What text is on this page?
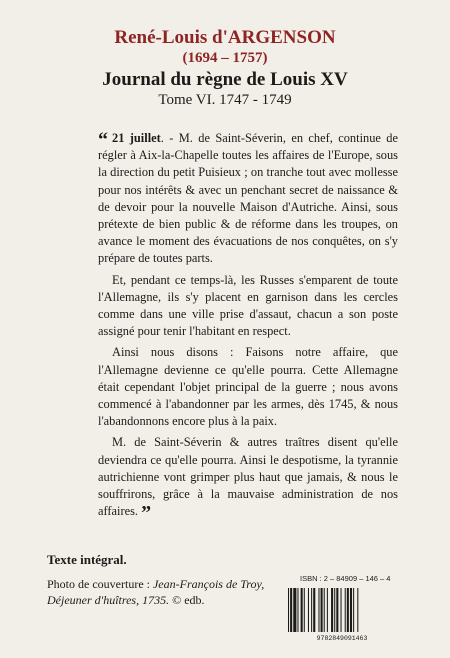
René-Louis d'ARGENSON
(1694 – 1757)
Journal du règne de Louis XV
Tome VI. 1747 - 1749

“ 21 juillet. - M. de Saint-Séverin, en chef, continue de régler à Aix-la-Chapelle toutes les affaires de l'Europe, sous la direction du petit Puisieux ; on tranche tout avec mollesse pour nos intérêts & avec un penchant secret de naissance & de devoir pour la nouvelle Maison d'Autriche. Ainsi, sous prétexte de bien public & de réforme dans les troupes, on avance le moment des évacuations de nos conquêtes, on s'y prépare de toutes parts.

Et, pendant ce temps-là, les Russes s'emparent de toute l'Allemagne, ils s'y placent en garnison dans les cercles comme dans une ville prise d'assaut, chacun a son poste assigné pour tenir l'habitant en respect.

Ainsi nous disons : Faisons notre affaire, que l'Allemagne devienne ce qu'elle pourra. Cette Allemagne était cependant l'objet principal de la guerre ; nous avons commencé à l'abandonner par les armes, dès 1745, & nous l'abandonnons encore plus à la paix.

M. de Saint-Séverin & autres traîtres disent qu'elle deviendra ce qu'elle pourra. Ainsi le despotisme, la tyrannie autrichienne vont grimper plus haut que jamais, & nous le souffrirons, grâce à la mauvaise administration de nos affaires. ”

Texte intégral.
Photo de couverture : Jean-François de Troy, Déjeuner d'huîtres, 1735. © edb.
ISBN : 2 – 84909 – 146 – 4
9782849091463
